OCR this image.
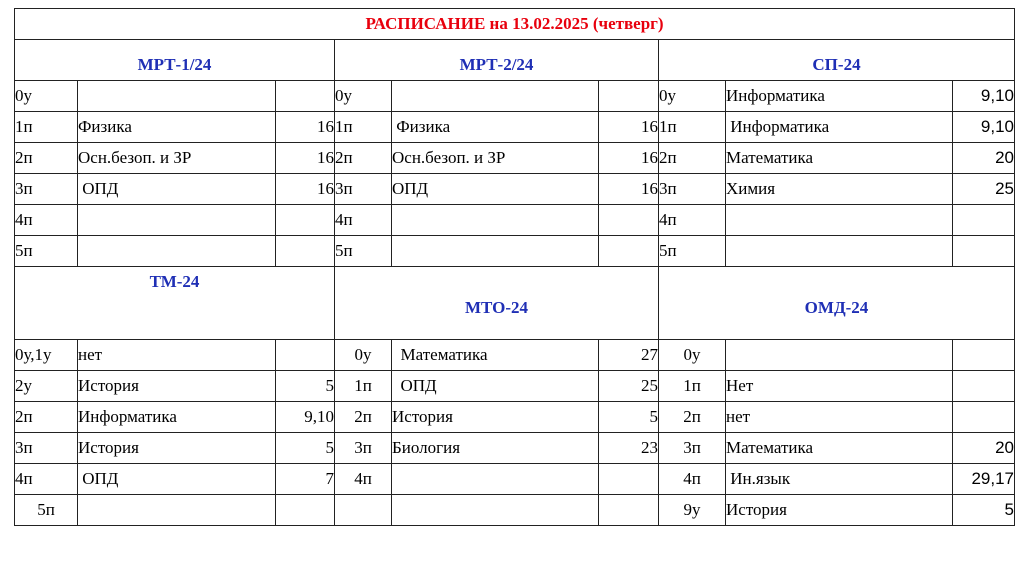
РАСПИСАНИЕ на 13.02.2025 (четверг)								
МРТ-1/24			МРТ-2/24			СП-24		
0у			0у			0у	Информатика	9,10
1п	Физика	16	1п	Физика	16	1п	Информатика	9,10
2п	Осн.безоп. и ЗР	16	2п	Осн.безоп. и ЗР	16	2п	Математика	20
3п	ОПД	16	3п	ОПД	16	3п	Химия	25
4п			4п			4п		
5п			5п			5п		
ТМ-24			МТО-24			ОМД-24		
0у,1у	нет		0у	Математика	27	0у		
2у	История	5	1п	ОПД	25	1п	Нет	
2п	Информатика	9,10	2п	История	5	2п	нет	
3п	История	5	3п	Биология	23	3п	Математика	20
4п	ОПД	7	4п			4п	Ин.язык	29,17
5п						9у	История	5
